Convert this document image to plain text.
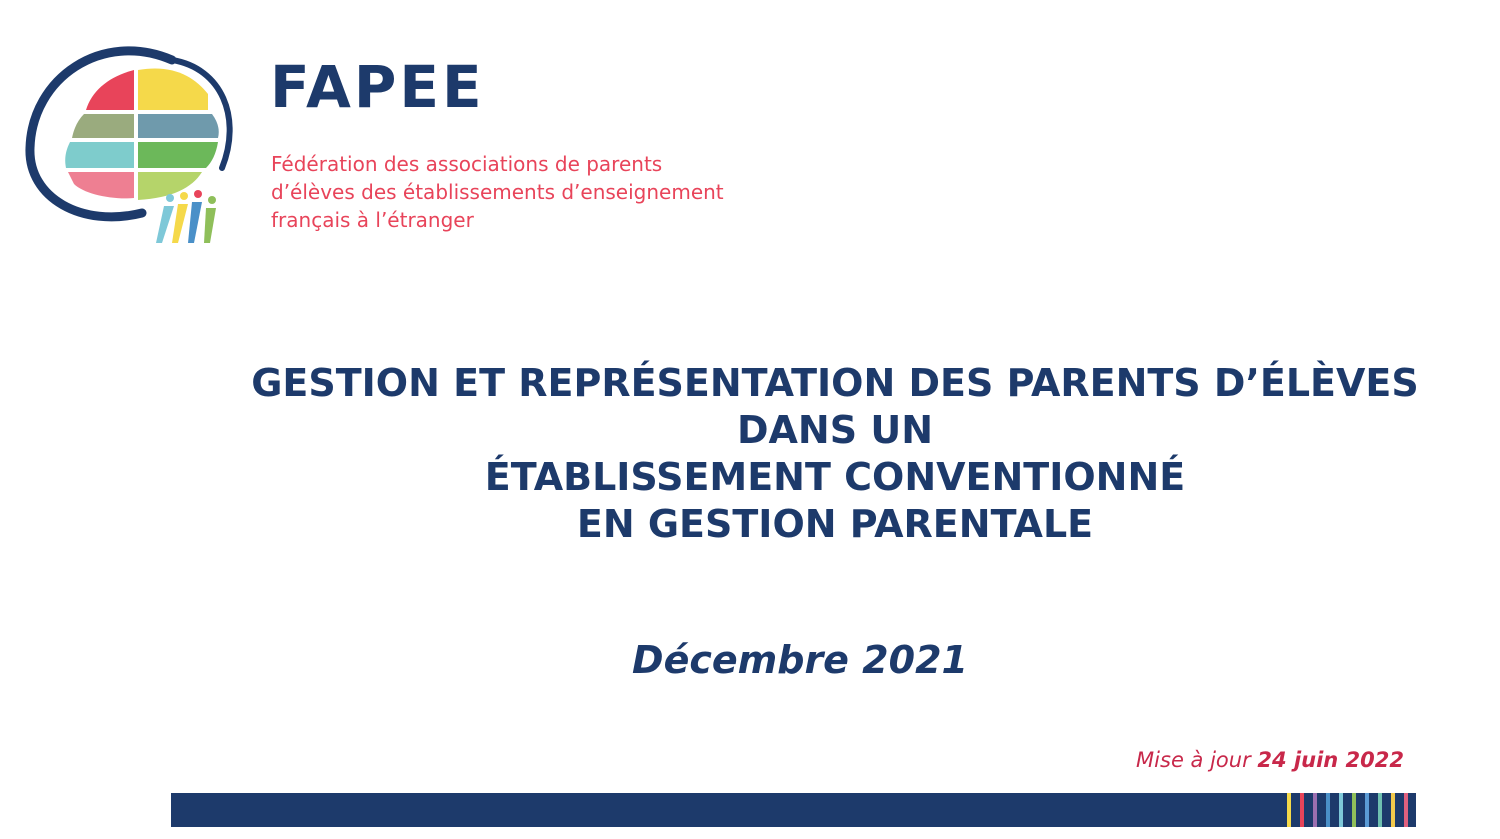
FAPEE
Fédération des associations de parents
d’élèves des établissements d’enseignement
français à l’étranger
GESTION ET REPRÉSENTATION DES PARENTS D’ÉLÈVES
DANS UN
ÉTABLISSEMENT CONVENTIONNÉ
EN GESTION PARENTALE
Décembre 2021
Mise à jour 24 juin 2022
